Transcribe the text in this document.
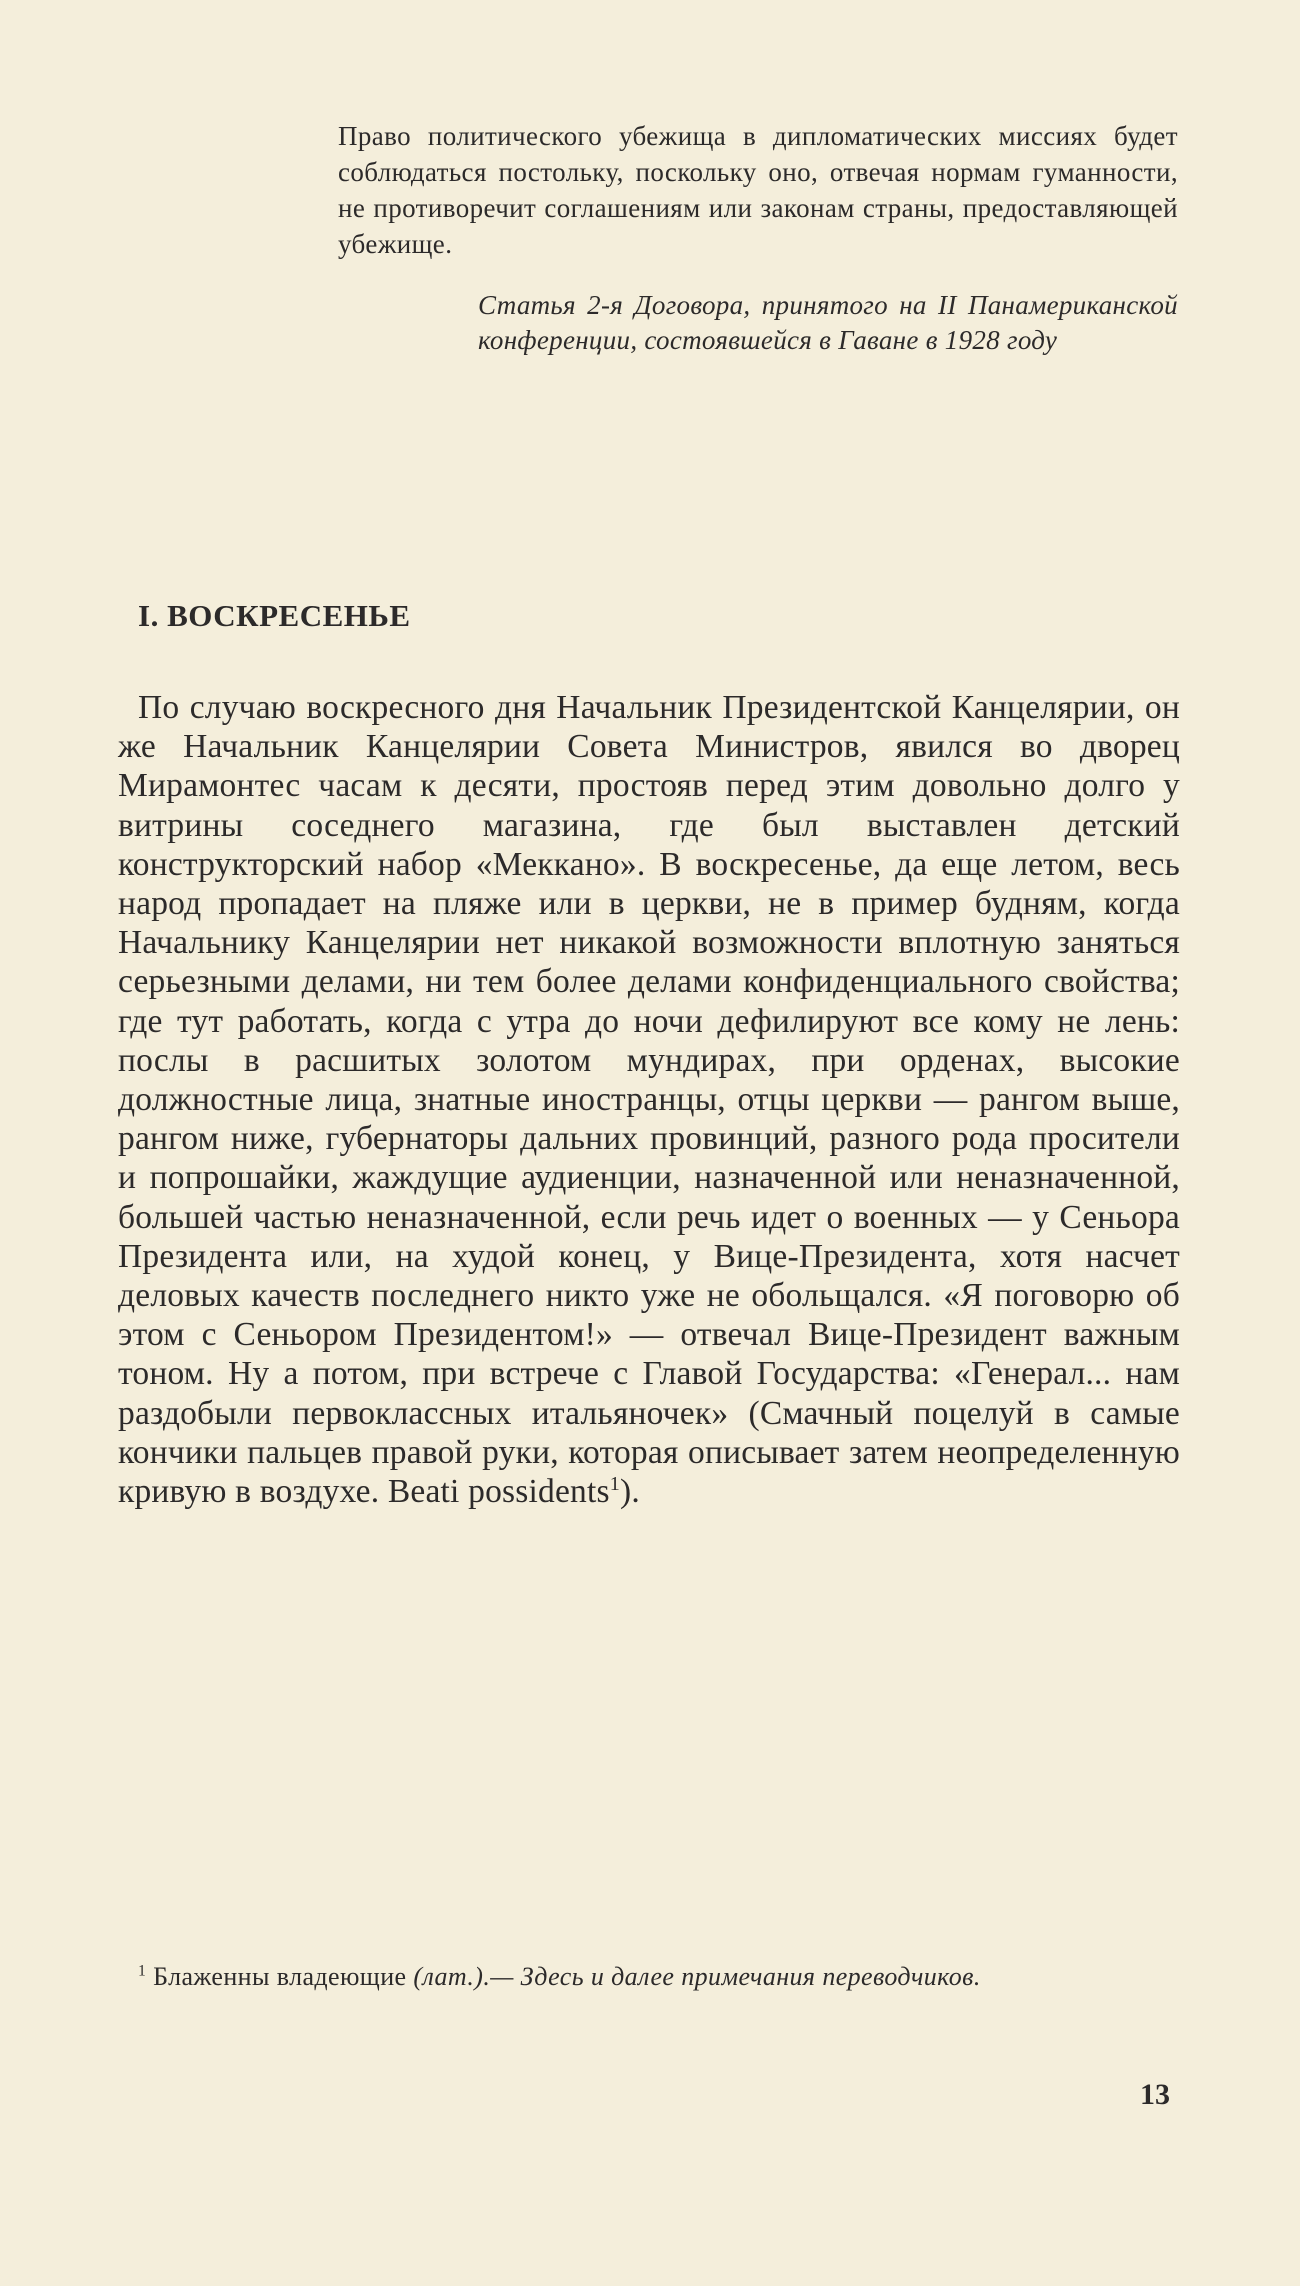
Право политического убежища в дипломатических миссиях будет соблюдаться постольку, поскольку оно, отвечая нормам гуманности, не противоречит соглашениям или законам страны, предоставляющей убежище.

Статья 2-я Договора, принятого на II Панамериканской конференции, состоявшейся в Гаване в 1928 году

I. ВОСКРЕСЕНЬЕ

По случаю воскресного дня Начальник Президентской Канцелярии, он же Начальник Канцелярии Совета Министров, явился во дворец Мирамонтес часам к десяти, простояв перед этим довольно долго у витрины соседнего магазина, где был выставлен детский конструкторский набор «Меккано». В воскресенье, да еще летом, весь народ пропадает на пляже или в церкви, не в пример будням, когда Начальнику Канцелярии нет никакой возможности вплотную заняться серьезными делами, ни тем более делами конфиденциального свойства; где тут работать, когда с утра до ночи дефилируют все кому не лень: послы в расшитых золотом мундирах, при орденах, высокие должностные лица, знатные иностранцы, отцы церкви — рангом выше, рангом ниже, губернаторы дальних провинций, разного рода просители и попрошайки, жаждущие аудиенции, назначенной или неназначенной, большей частью неназначенной, если речь идет о военных — у Сеньора Президента или, на худой конец, у Вице-Президента, хотя насчет деловых качеств последнего никто уже не обольщался. «Я поговорю об этом с Сеньором Президентом!» — отвечал Вице-Президент важным тоном. Ну а потом, при встрече с Главой Государства: «Генерал... нам раздобыли первоклассных итальяночек» (Смачный поцелуй в самые кончики пальцев правой руки, которая описывает затем неопределенную кривую в воздухе. Beati possidents$^1$).

$^1$ Блаженны владеющие (лат.).— Здесь и далее примечания переводчиков.

13
